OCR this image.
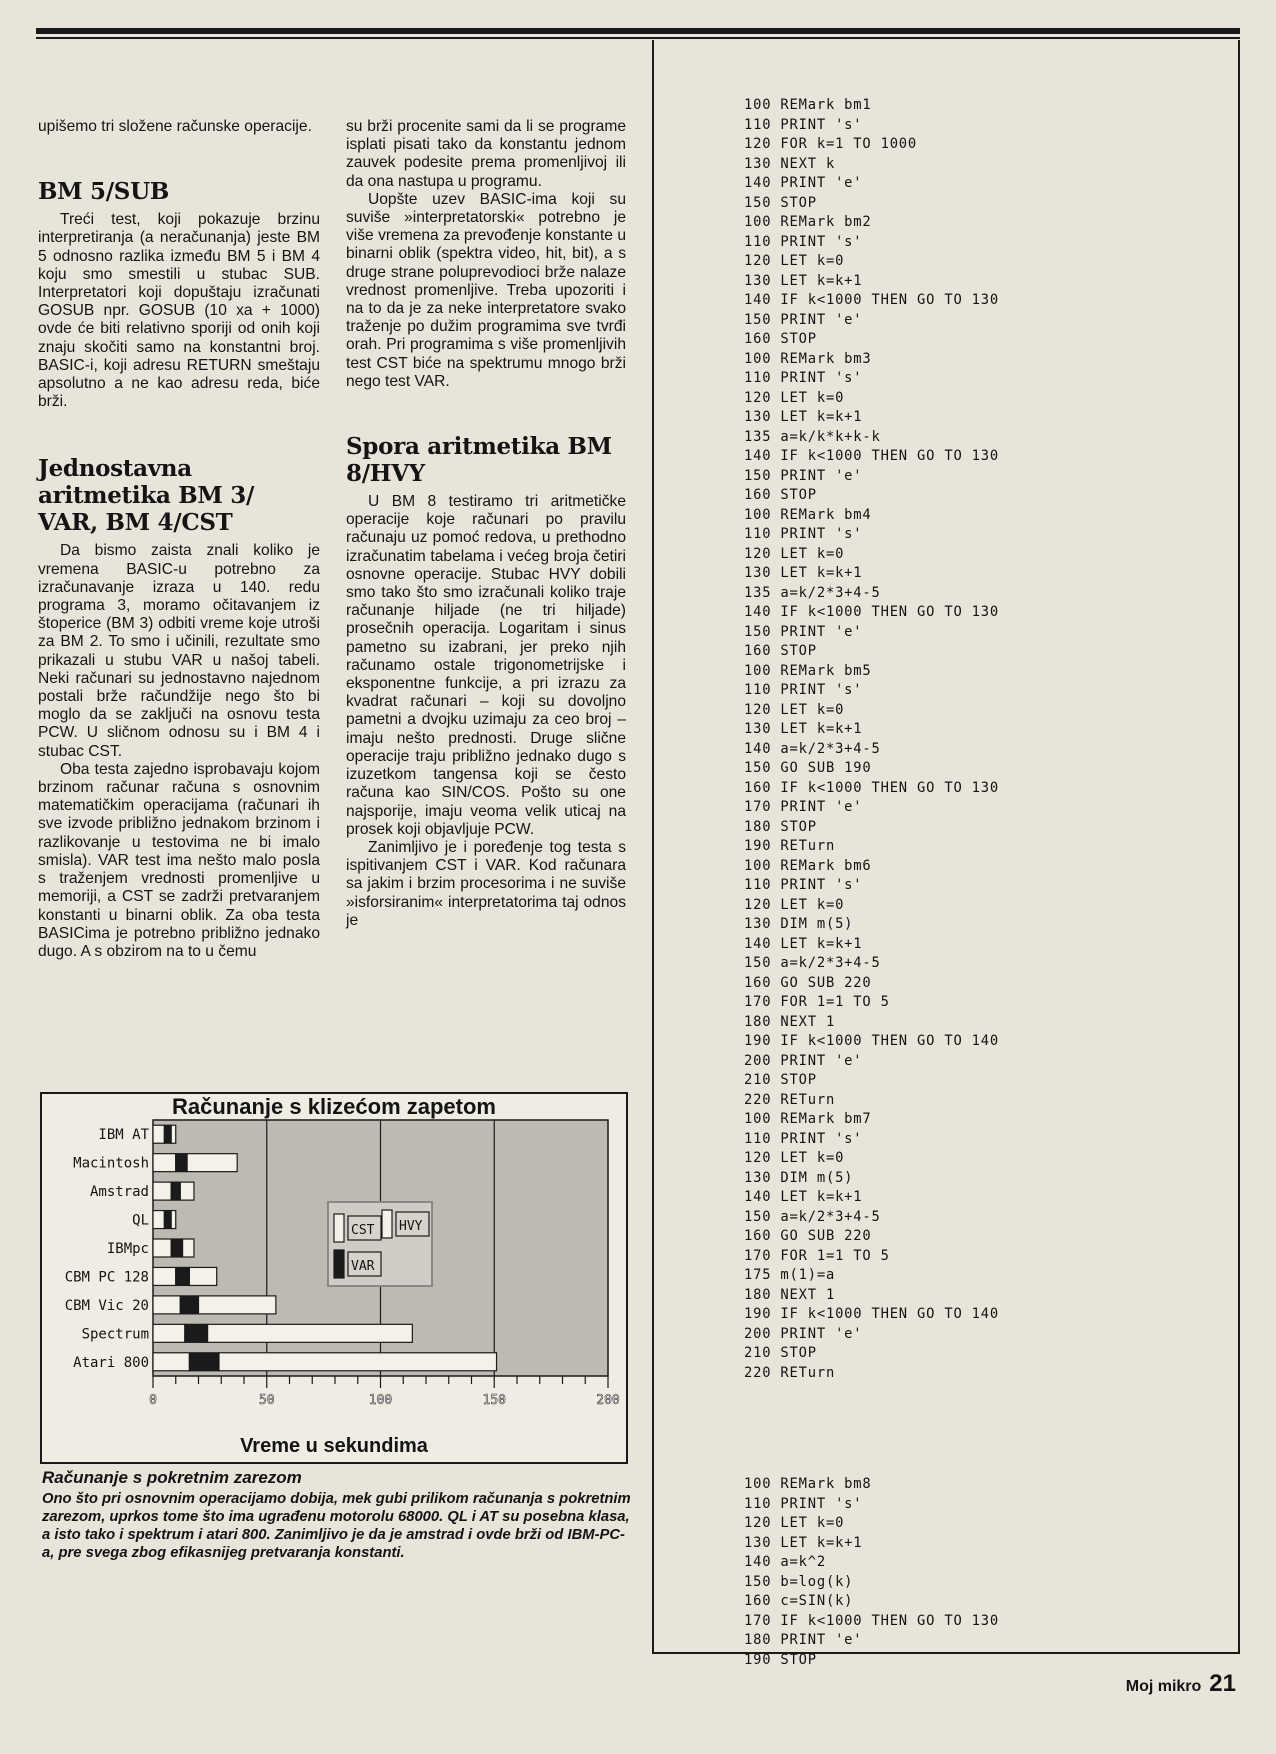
upišemo tri složene računske operacije.

BM 5/SUB

Treći test, koji pokazuje brzinu interpretiranja (a neračunanja) jeste BM 5 odnosno razlika između BM 5 i BM 4 koju smo smestili u stubac SUB. Interpretatori koji dopuštaju izračunati GOSUB npr. GOSUB (10 xa + 1000) ovde će biti relativno sporiji od onih koji znaju skočiti samo na konstantni broj. BASIC-i, koji adresu RETURN smeštaju apsolutno a ne kao adresu reda, biće brži.

Jednostavna aritmetika BM 3/ VAR, BM 4/CST

Da bismo zaista znali koliko je vremena BASIC-u potrebno za izračunavanje izraza u 140. redu programa 3, moramo očitavanjem iz štoperice (BM 3) odbiti vreme koje utroši za BM 2. To smo i učinili, rezultate smo prikazali u stubu VAR u našoj tabeli. Neki računari su jednostavno najednom postali brže račundžije nego što bi moglo da se zaključi na osnovu testa PCW. U sličnom odnosu su i BM 4 i stubac CST.

Oba testa zajedno isprobavaju kojom brzinom računar računa s osnovnim matematičkim operacijama (računari ih sve izvode približno jednakom brzinom i razlikovanje u testovima ne bi imalo smisla). VAR test ima nešto malo posla s traženjem vrednosti promenljive u memoriji, a CST se zadrži pretvaranjem konstanti u binarni oblik. Za oba testa BASICima je potrebno približno jednako dugo. A s obzirom na to u čemu

su brži procenite sami da li se programe isplati pisati tako da konstantu jednom zauvek podesite prema promenljivoj ili da ona nastupa u programu.

Uopšte uzev BASIC-ima koji su suviše »interpretatorski« potrebno je više vremena za prevođenje konstante u binarni oblik (spektra video, hit, bit), a s druge strane poluprevodioci brže nalaze vrednost promenljive. Treba upozoriti i na to da je za neke interpretatore svako traženje po dužim programima sve tvrđi orah. Pri programima s više promenljivih test CST biće na spektrumu mnogo brži nego test VAR.

Spora aritmetika BM 8/HVY

U BM 8 testiramo tri aritmetičke operacije koje računari po pravilu računaju uz pomoć redova, u prethodno izračunatim tabelama i većeg broja četiri osnovne operacije. Stubac HVY dobili smo tako što smo izračunali koliko traje računanje hiljade (ne tri hiljade) prosečnih operacija. Logaritam i sinus pametno su izabrani, jer preko njih računamo ostale trigonometrijske i eksponentne funkcije, a pri izrazu za kvadrat računari – koji su dovoljno pametni a dvojku uzimaju za ceo broj – imaju nešto prednosti. Druge slične operacije traju približno jednako dugo s izuzetkom tangensa koji se često računa kao SIN/COS. Pošto su one najsporije, imaju veoma velik uticaj na prosek koji objavljuje PCW.

Zanimljivo je i poređenje tog testa s ispitivanjem CST i VAR. Kod računara sa jakim i brzim procesorima i ne suviše »isforsiranim« interpretatorima taj odnos je

100 REMark bm1
110 PRINT 's'
120 FOR k=1 TO 1000
130 NEXT k
140 PRINT 'e'
150 STOP
100 REMark bm2
110 PRINT 's'
120 LET k=0
130 LET k=k+1
140 IF k<1000 THEN GO TO 130
150 PRINT 'e'
160 STOP
100 REMark bm3
110 PRINT 's'
120 LET k=0
130 LET k=k+1
135 a=k/k*k+k-k
140 IF k<1000 THEN GO TO 130
150 PRINT 'e'
160 STOP
100 REMark bm4
110 PRINT 's'
120 LET k=0
130 LET k=k+1
135 a=k/2*3+4-5
140 IF k<1000 THEN GO TO 130
150 PRINT 'e'
160 STOP
100 REMark bm5
110 PRINT 's'
120 LET k=0
130 LET k=k+1
140 a=k/2*3+4-5
150 GO SUB 190
160 IF k<1000 THEN GO TO 130
170 PRINT 'e'
180 STOP
190 RETurn
100 REMark bm6
110 PRINT 's'
120 LET k=0
130 DIM m(5)
140 LET k=k+1
150 a=k/2*3+4-5
160 GO SUB 220
170 FOR 1=1 TO 5
180 NEXT 1
190 IF k<1000 THEN GO TO 140
200 PRINT 'e'
210 STOP
220 RETurn
100 REMark bm7
110 PRINT 's'
120 LET k=0
130 DIM m(5)
140 LET k=k+1
150 a=k/2*3+4-5
160 GO SUB 220
170 FOR 1=1 TO 5
175 m(1)=a
180 NEXT 1
190 IF k<1000 THEN GO TO 140
200 PRINT 'e'
210 STOP
220 RETurn
100 REMark bm8
110 PRINT 's'
120 LET k=0
130 LET k=k+1
140 a=k^2
150 b=log(k)
160 c=SIN(k)
170 IF k<1000 THEN GO TO 130
180 PRINT 'e'
190 STOP
Računanje s klizećom zapetom
IBM AT
Macintosh
Amstrad
QL
IBMpc
CBM PC 128
CBM Vic 20
Spectrum
Atari 800
0	50	100	150	200
Vreme u sekundima
CST HVY
VAR
Računanje s pokretnim zarezom
Ono što pri osnovnim operacijamo dobija, mek gubi prilikom računanja s pokretnim zarezom, uprkos tome što ima ugrađenu motorolu 68000. QL i AT su posebna klasa, a isto tako i spektrum i atari 800. Zanimljivo je da je amstrad i ovde brži od IBM-PC-a, pre svega zbog efikasnijeg pretvaranja konstanti.
Moj mikro 21
